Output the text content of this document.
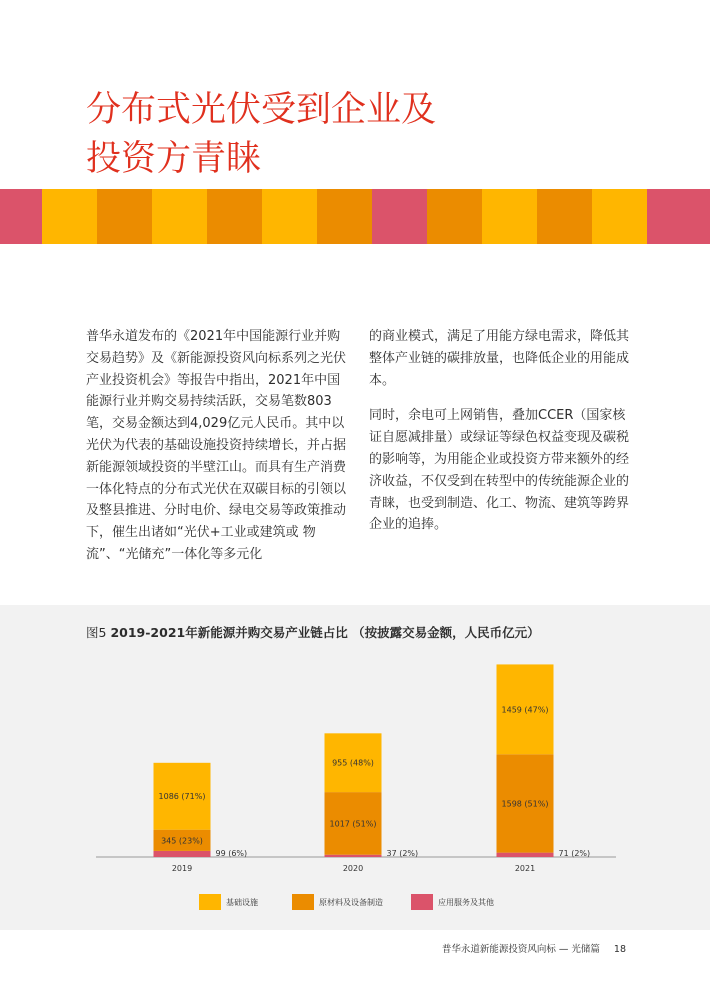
分布式光伏受到企业及
投资方青睐

普华永道发布的《2021年中国能源行业并购交易趋势》及《新能源投资风向标系列之光伏产业投资机会》等报告中指出，2021年中国能源行业并购交易持续活跃，交易笔数803笔，交易金额达到4,029亿元人民币。其中以光伏为代表的基础设施投资持续增长，并占据新能源领域投资的半壁江山。而具有生产消费一体化特点的分布式光伏在双碳目标的引领以及整县推进、分时电价、绿电交易等政策推动下，催生出诸如“光伏+工业或建筑或 物流”、“光储充”一体化等多元化

的商业模式，满足了用能方绿电需求，降低其整体产业链的碳排放量，也降低企业的用能成本。

同时，余电可上网销售，叠加CCER（国家核证自愿减排量）或绿证等绿色权益变现及碳税的影响等，为用能企业或投资方带来额外的经济收益，不仅受到在转型中的传统能源企业的青睐，也受到制造、化工、物流、建筑等跨界企业的追捧。

图5 2019-2021年新能源并购交易产业链占比 （按披露交易金额，人民币亿元）
99 (6%)
345 (23%)
1086 (71%)
2019
37 (2%)
1017 (51%)
955 (48%)
2020
71 (2%)
1598 (51%)
1459 (47%)
2021
基础设施	原材料及设备制造	应用服务及其他
普华永道新能源投资风向标 — 光储篇 18
